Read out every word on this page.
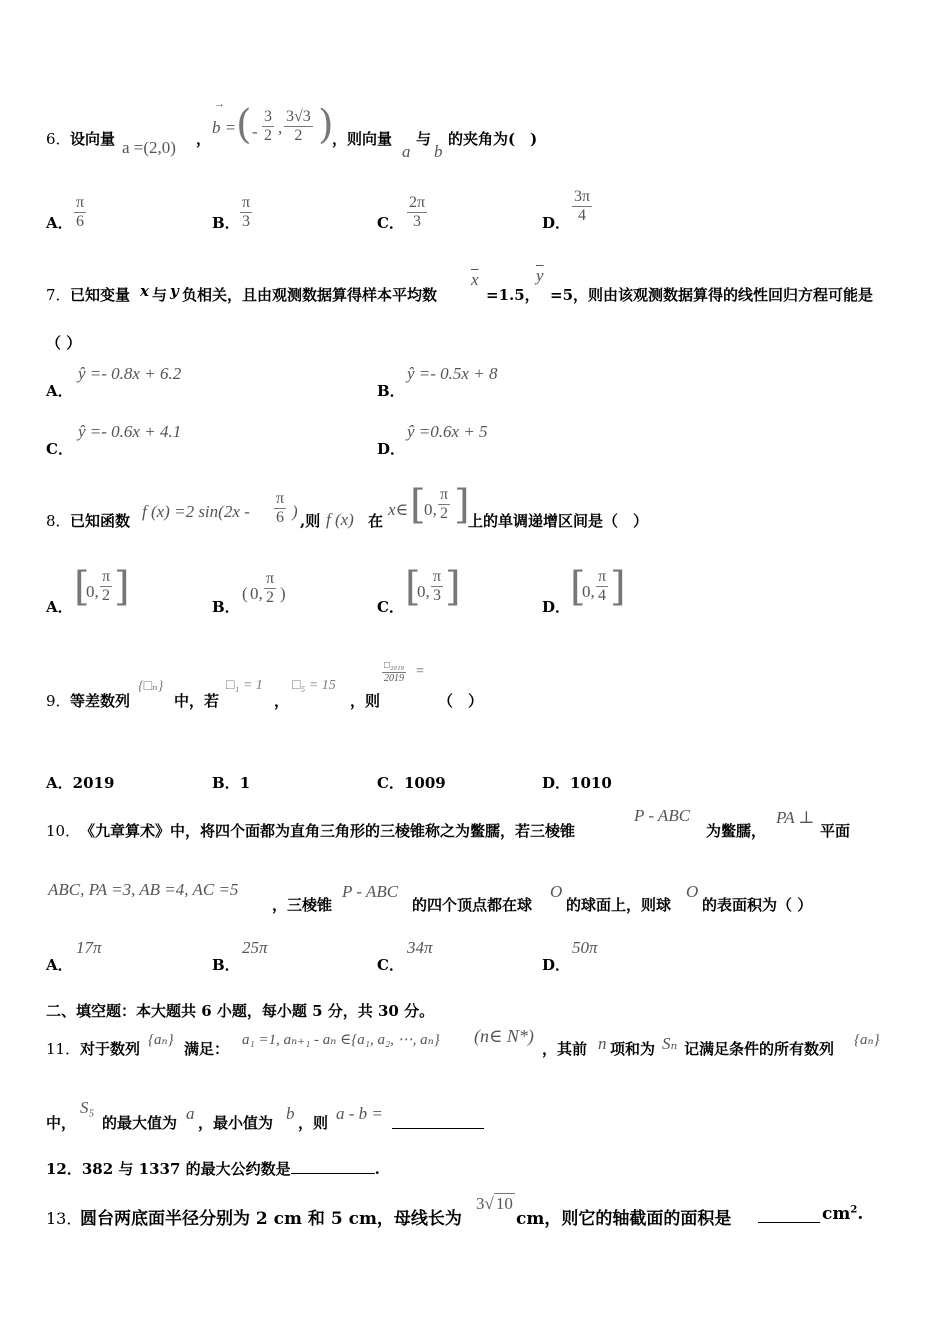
6． 设向量 a =(2,0) ，
→
b = ( - $\frac{3}{2}$ , $\frac{3√3}{2}$ )
，则向量
a
与
b
的夹角为(　)
A． $\frac{\pi}{6}$	B． $\frac{\pi}{3}$	C． $\frac{2\pi}{3}$	D． $\frac{3\pi}{4}$
7． 已知变量 x 与 y 负相关，且由观测数据算得样本平均数
$\overline{x}$
=1.5，
$\overline{y}$
=5，则由该观测数据算得的线性回归方程可能是
（ ）
A．
ŷ =- 0.8x + 6.2
B．
ŷ =- 0.5x + 8
C．
ŷ =- 0.6x + 4.1
D．
ŷ =0.6x + 5
8． 已知函数 f (x) =2 $\sin(2x - \frac{\pi}{6}$ ) ,则 f (x) 在
x∈ [
0, $\frac{\pi}{2}$ ]
上的单调递增区间是（　）
A． [
0, $\frac{\pi}{2}$ ]	B．
( 0, $\frac{\pi}{2}$ )
C． [
0, $\frac{\pi}{3}$ ]	D． [
0, $\frac{\pi}{4}$ ]
9． 等差数列
{□ₙ}
中，若
□₁ = 1
，
□₅ = 15
，则
□₂₀₁₉
2019 =
（　）
A．2019	B．1	C．1009	D．1010
10． 《九章算术》中，将四个面都为直角三角形的三棱锥称之为鳖臑，若三棱锥
P - ABC
为鳖臑，
PA ⊥
平面
ABC, PA =3, AB =4, AC =5
，三棱锥
P - ABC
的四个顶点都在球
O
的球面上，则球
O
的表面积为（ ）
A．
17π
B．
25π
C．
34π
D．
50π
二、填空题：本大题共 6 小题，每小题 5 分，共 30 分。
11． 对于数列 {aₙ} 满足： a₁ =1, aₙ₊₁ - aₙ ∈{a₁, a₂, ⋯, aₙ} (n∈ N*)
，其前 n 项和为 Sₙ 记满足条件的所有数列 {aₙ}
中，
S₅
的最大值为 a ，最小值为 b ，则 a - b =
12．382 与 1337 的最大公约数是	.
13．
圆台两底面半径分别为 2 cm 和 5 cm，母线长为
3√ 10
cm，则它的轴截面的面积是	$cm^2$.
